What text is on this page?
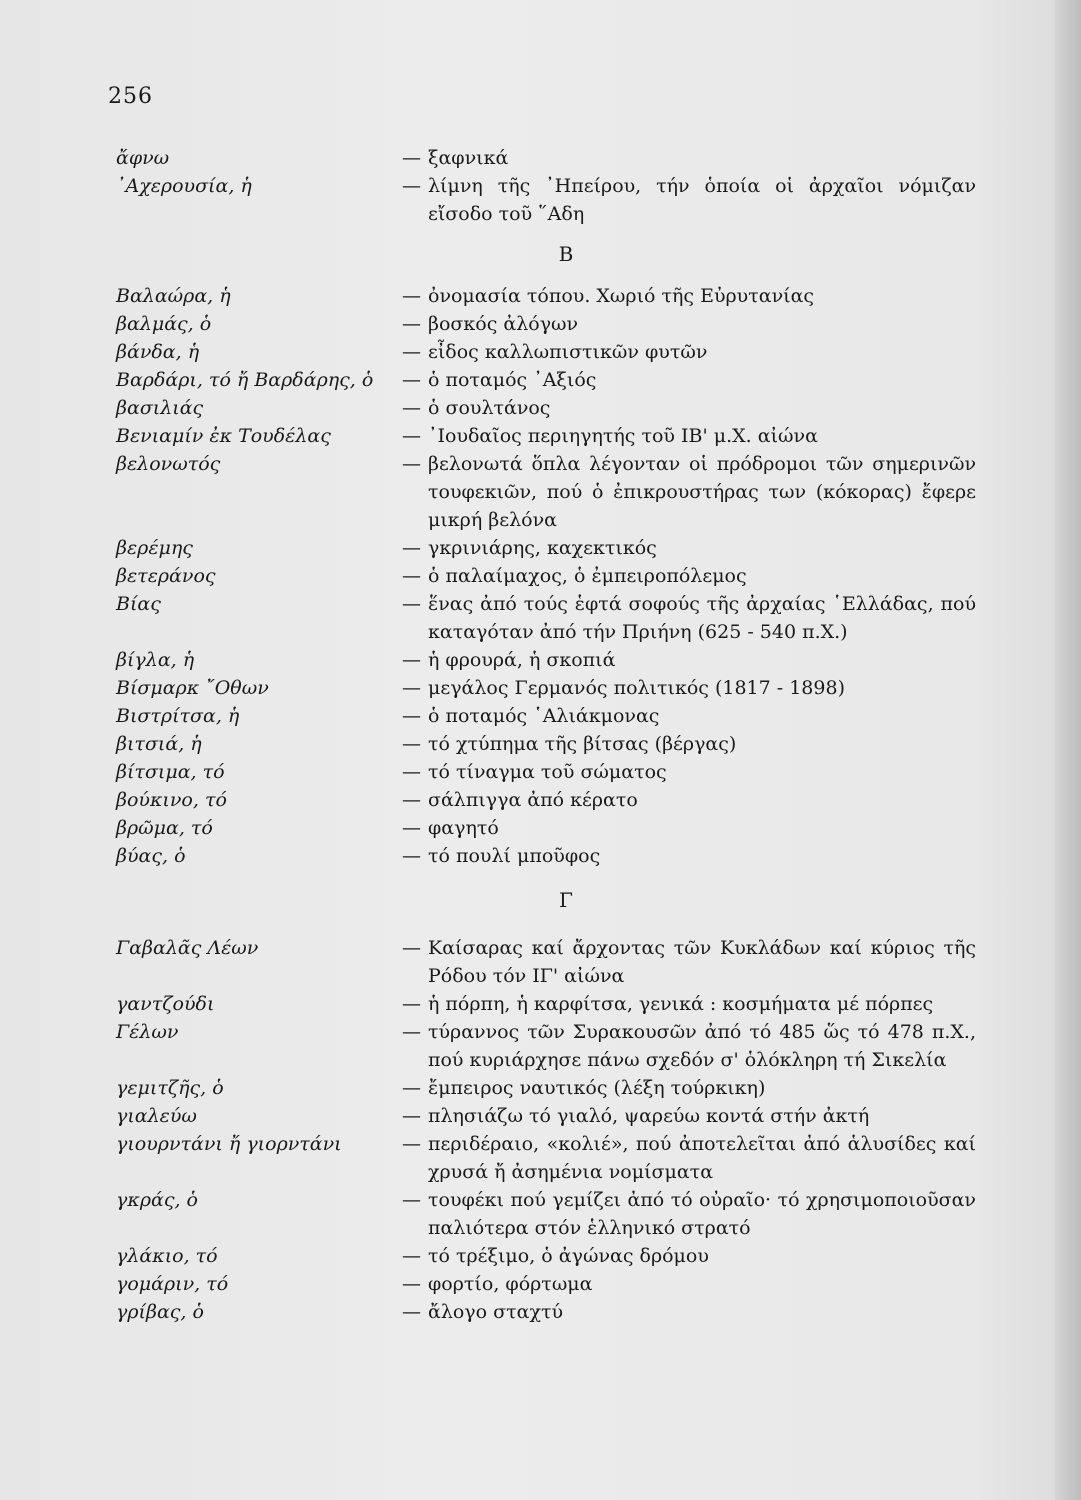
256
ἄφνω	— ξαφνικά
᾿Αχερουσία, ἡ	— λίμνη τῆς ᾿Ηπείρου, τήν ὁποία οἱ ἀρχαῖοι νόμιζαν εἴσοδο τοῦ ῞Αδη
Β
Βαλαώρα, ἡ	— ὀνομασία τόπου. Χωριό τῆς Εὐρυτανίας
βαλμάς, ὁ	— βοσκός ἀλόγων
βάνδα, ἡ	— εἶδος καλλωπιστικῶν φυτῶν
Βαρδάρι, τό ἤ Βαρδάρης, ὁ	— ὁ ποταμός ᾿Αξιός
βασιλιάς	— ὁ σουλτάνος
Βενιαμίν ἐκ Τουδέλας	— ᾿Ιουδαῖος περιηγητής τοῦ ΙΒ' μ.Χ. αἰώνα
βελονωτός	— βελονωτά ὅπλα λέγονταν οἱ πρόδρομοι τῶν σημερινῶν τουφεκιῶν, πού ὁ ἐπικρουστήρας των (κόκορας) ἔφερε μικρή βελόνα
βερέμης	— γκρινιάρης, καχεκτικός
βετεράνος	— ὁ παλαίμαχος, ὁ ἐμπειροπόλεμος
Βίας	— ἕνας ἀπό τούς ἑφτά σοφούς τῆς ἀρχαίας ῾Ελλάδας, πού καταγόταν ἀπό τήν Πριήνη (625 - 540 π.Χ.)
βίγλα, ἡ	— ἡ φρουρά, ἡ σκοπιά
Βίσμαρκ ῎Οθων	— μεγάλος Γερμανός πολιτικός (1817 - 1898)
Βιστρίτσα, ἡ	— ὁ ποταμός ῾Αλιάκμονας
βιτσιά, ἡ	— τό χτύπημα τῆς βίτσας (βέργας)
βίτσιμα, τό	— τό τίναγμα τοῦ σώματος
βούκινο, τό	— σάλπιγγα ἀπό κέρατο
βρῶμα, τό	— φαγητό
βύας, ὁ	— τό πουλί μποῦφος
Γ
Γαβαλᾶς Λέων	— Καίσαρας καί ἄρχοντας τῶν Κυκλάδων καί κύριος τῆς Ρόδου τόν ΙΓ' αἰώνα
γαντζούδι	— ἡ πόρπη, ἡ καρφίτσα, γενικά : κοσμήματα μέ πόρπες
Γέλων	— τύραννος τῶν Συρακουσῶν ἀπό τό 485 ὥς τό 478 π.Χ., πού κυριάρχησε πάνω σχεδόν σ' ὁλόκληρη τή Σικελία
γεμιτζῆς, ὁ	— ἔμπειρος ναυτικός (λέξη τούρκικη)
γιαλεύω	— πλησιάζω τό γιαλό, ψαρεύω κοντά στήν ἀκτή
γιουρντάνι ἤ γιορντάνι	— περιδέραιο, «κολιέ», πού ἀποτελεῖται ἀπό ἁλυσίδες καί χρυσά ἤ ἀσημένια νομίσματα
γκράς, ὁ	— τουφέκι πού γεμίζει ἀπό τό οὐραῖο· τό χρησιμοποιοῦσαν παλιότερα στόν ἑλληνικό στρατό
γλάκιο, τό	— τό τρέξιμο, ὁ ἀγώνας δρόμου
γομάριν, τό	— φορτίο, φόρτωμα
γρίβας, ὁ	— ἄλογο σταχτύ
